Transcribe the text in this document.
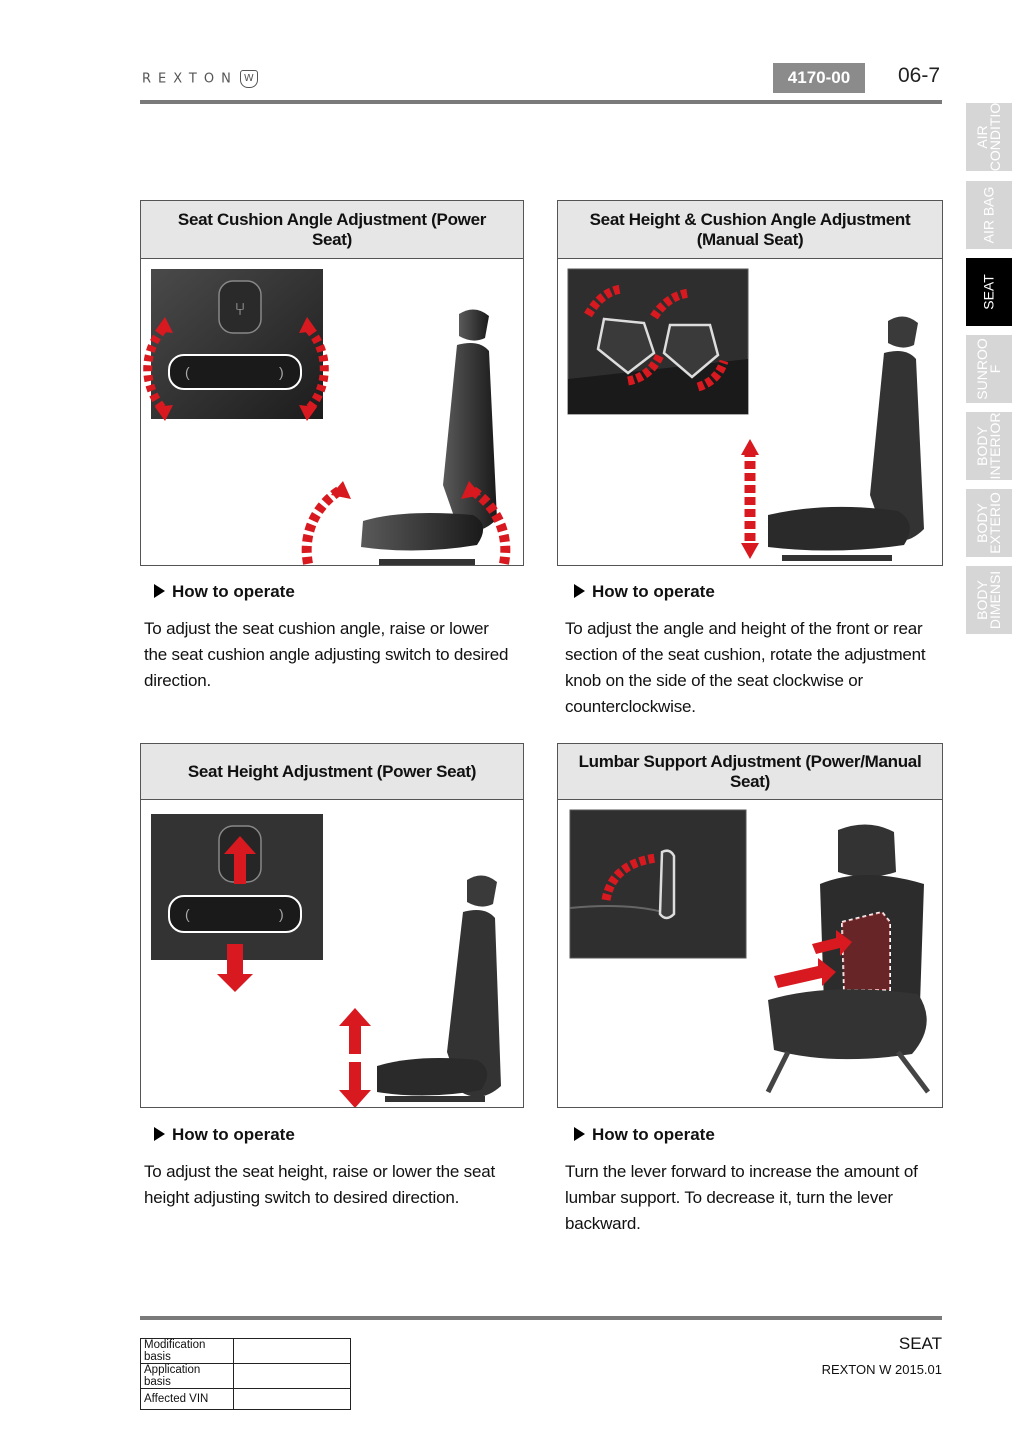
REXTON W	4170-00	06-7
AIR
CONDITIO
AIR BAG
SEAT
SUNROO
F
BODY
INTERIOR
BODY
EXTERIO
BODY
DIMENSI
Seat Cushion Angle Adjustment (Power Seat)
⑂
(	)
How to operate
To adjust the seat cushion angle, raise or lower the seat cushion angle adjusting switch to desired direction.
Seat Height & Cushion Angle Adjustment (Manual Seat)
How to operate
To adjust the angle and height of the front or rear section of the seat cushion, rotate the adjustment knob on the side of the seat clockwise or counterclockwise.
Seat Height Adjustment (Power Seat)
(	)
How to operate
To adjust the seat height, raise or lower the seat height adjusting switch to desired direction.
Lumbar Support Adjustment (Power/Manual Seat)
How to operate
Turn the lever forward to increase the amount of lumbar support. To decrease it, turn the lever backward.
Modification basis	
Application basis	
Affected VIN	
SEAT
REXTON W 2015.01
